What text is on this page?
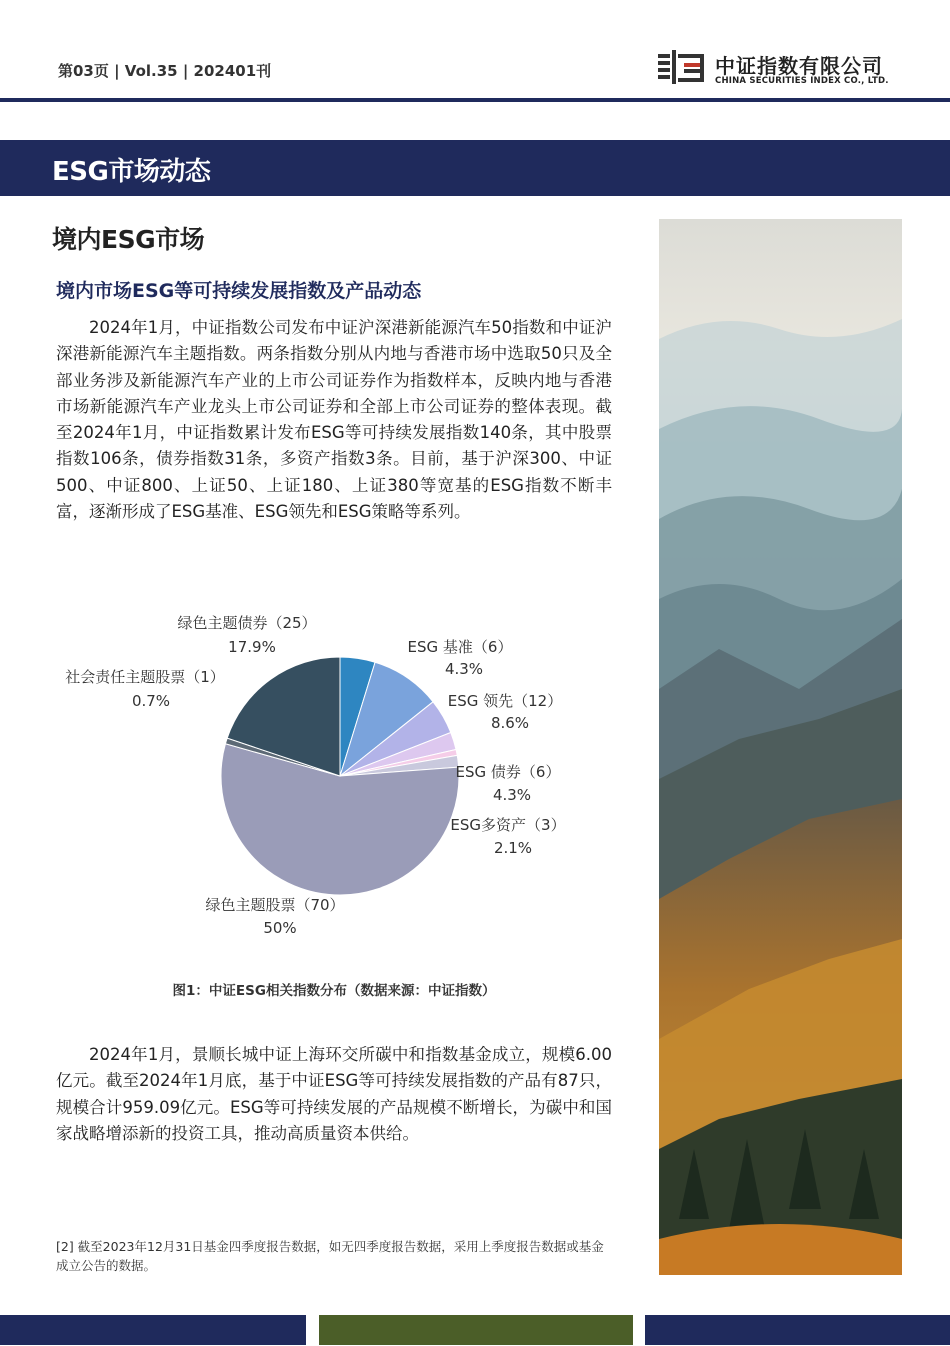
第03页 | Vol.35 | 202401刊	中证指数有限公司
CHINA SECURITIES INDEX CO., LTD.
ESG市场动态
境内ESG市场
境内市场ESG等可持续发展指数及产品动态

2024年1月，中证指数公司发布中证沪深港新能源汽车50指数和中证沪深港新能源汽车主题指数。两条指数分别从内地与香港市场中选取50只及全部业务涉及新能源汽车产业的上市公司证券作为指数样本，反映内地与香港市场新能源汽车产业龙头上市公司证券和全部上市公司证券的整体表现。截至2024年1月，中证指数累计发布ESG等可持续发展指数140条，其中股票指数106条，债券指数31条，多资产指数3条。目前，基于沪深300、中证500、中证800、上证50、上证180、上证380等宽基的ESG指数不断丰富，逐渐形成了ESG基准、ESG领先和ESG策略等系列。

ESG 基准（6）
4.3%
ESG 领先（12）
8.6%
ESG 债券（6）
4.3%
ESG多资产（3）
2.1%
绿色主题股票（70）
50%
社会责任主题股票（1）
0.7%
绿色主题债券（25）
17.9%
图1：中证ESG相关指数分布（数据来源：中证指数）

2024年1月，景顺长城中证上海环交所碳中和指数基金成立，规模6.00亿元。截至2024年1月底，基于中证ESG等可持续发展指数的产品有87只，规模合计959.09亿元。ESG等可持续发展的产品规模不断增长，为碳中和国家战略增添新的投资工具，推动高质量资本供给。

[2] 截至2023年12月31日基金四季度报告数据，如无四季度报告数据，采用上季度报告数据或基金成立公告的数据。
